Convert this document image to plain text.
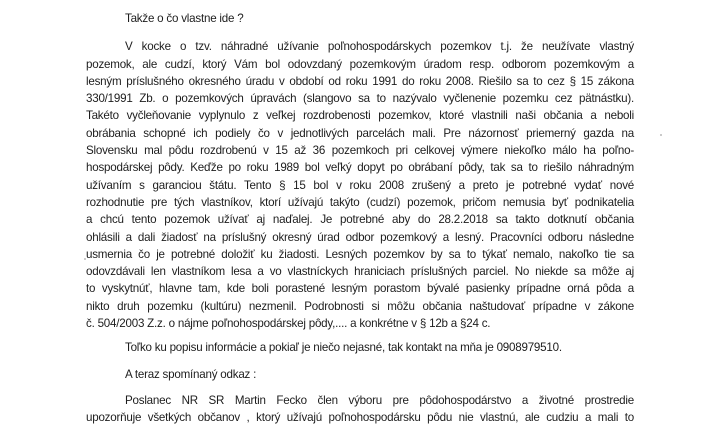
Takže o čo vlastne ide ?
V kocke o tzv. náhradné užívanie poľnohospodárskych pozemkov t.j. že neužívate vlastný
pozemok, ale cudzí, ktorý Vám bol odovzdaný pozemkovým úradom resp. odborom pozemkovým a
lesným príslušného okresného úradu v období od roku 1991 do roku 2008. Riešilo sa to cez § 15 zákona
330/1991 Zb. o pozemkových úpravách (slangovo sa to nazývalo vyčlenenie pozemku cez pätnástku).
Takéto vyčleňovanie vyplynulo z veľkej rozdrobenosti pozemkov, ktoré vlastnili naši občania a neboli
obrábania schopné ich podiely čo v jednotlivých parcelách mali. Pre názornosť priemerný gazda na
Slovensku mal pôdu rozdrobenú v 15 až 36 pozemkoch pri celkovej výmere niekoľko málo ha poľno-
hospodárskej pôdy. Keďže po roku 1989 bol veľký dopyt po obrábaní pôdy, tak sa to riešilo náhradným
užívaním s garanciou štátu. Tento § 15 bol v roku 2008 zrušený a preto je potrebné vydať nové
rozhodnutie pre tých vlastníkov, ktorí užívajú takýto (cudzí) pozemok, pričom nemusia byť podnikatelia
a chcú tento pozemok užívať aj naďalej. Je potrebné aby do 28.2.2018 sa takto dotknutí občania
ohlásili a dali žiadosť na príslušný okresný úrad odbor pozemkový a lesný. Pracovníci odboru následne
usmernia čo je potrebné doložiť ku žiadosti. Lesných pozemkov by sa to týkať nemalo, nakoľko tie sa
odovzdávali len vlastníkom lesa a vo vlastníckych hraniciach príslušných parciel. No niekde sa môže aj
to vyskytnúť, hlavne tam, kde boli porastené lesným porastom bývalé pasienky prípadne orná pôda a
nikto druh pozemku (kultúru) nezmenil. Podrobnosti si môžu občania naštudovať prípadne v zákone
č. 504/2003 Z.z. o nájme poľnohospodárskej pôdy,.... a konkrétne v § 12b a §24 c.
Toľko ku popisu informácie a pokiaľ je niečo nejasné, tak kontakt na mňa je 0908979510.
A teraz spomínaný odkaz :
Poslanec NR SR Martin Fecko člen výboru pre pôdohospodárstvo a životné prostredie
upozorňuje všetkých občanov , ktorý užívajú poľnohospodársku pôdu nie vlastnú, ale cudziu a mali to
